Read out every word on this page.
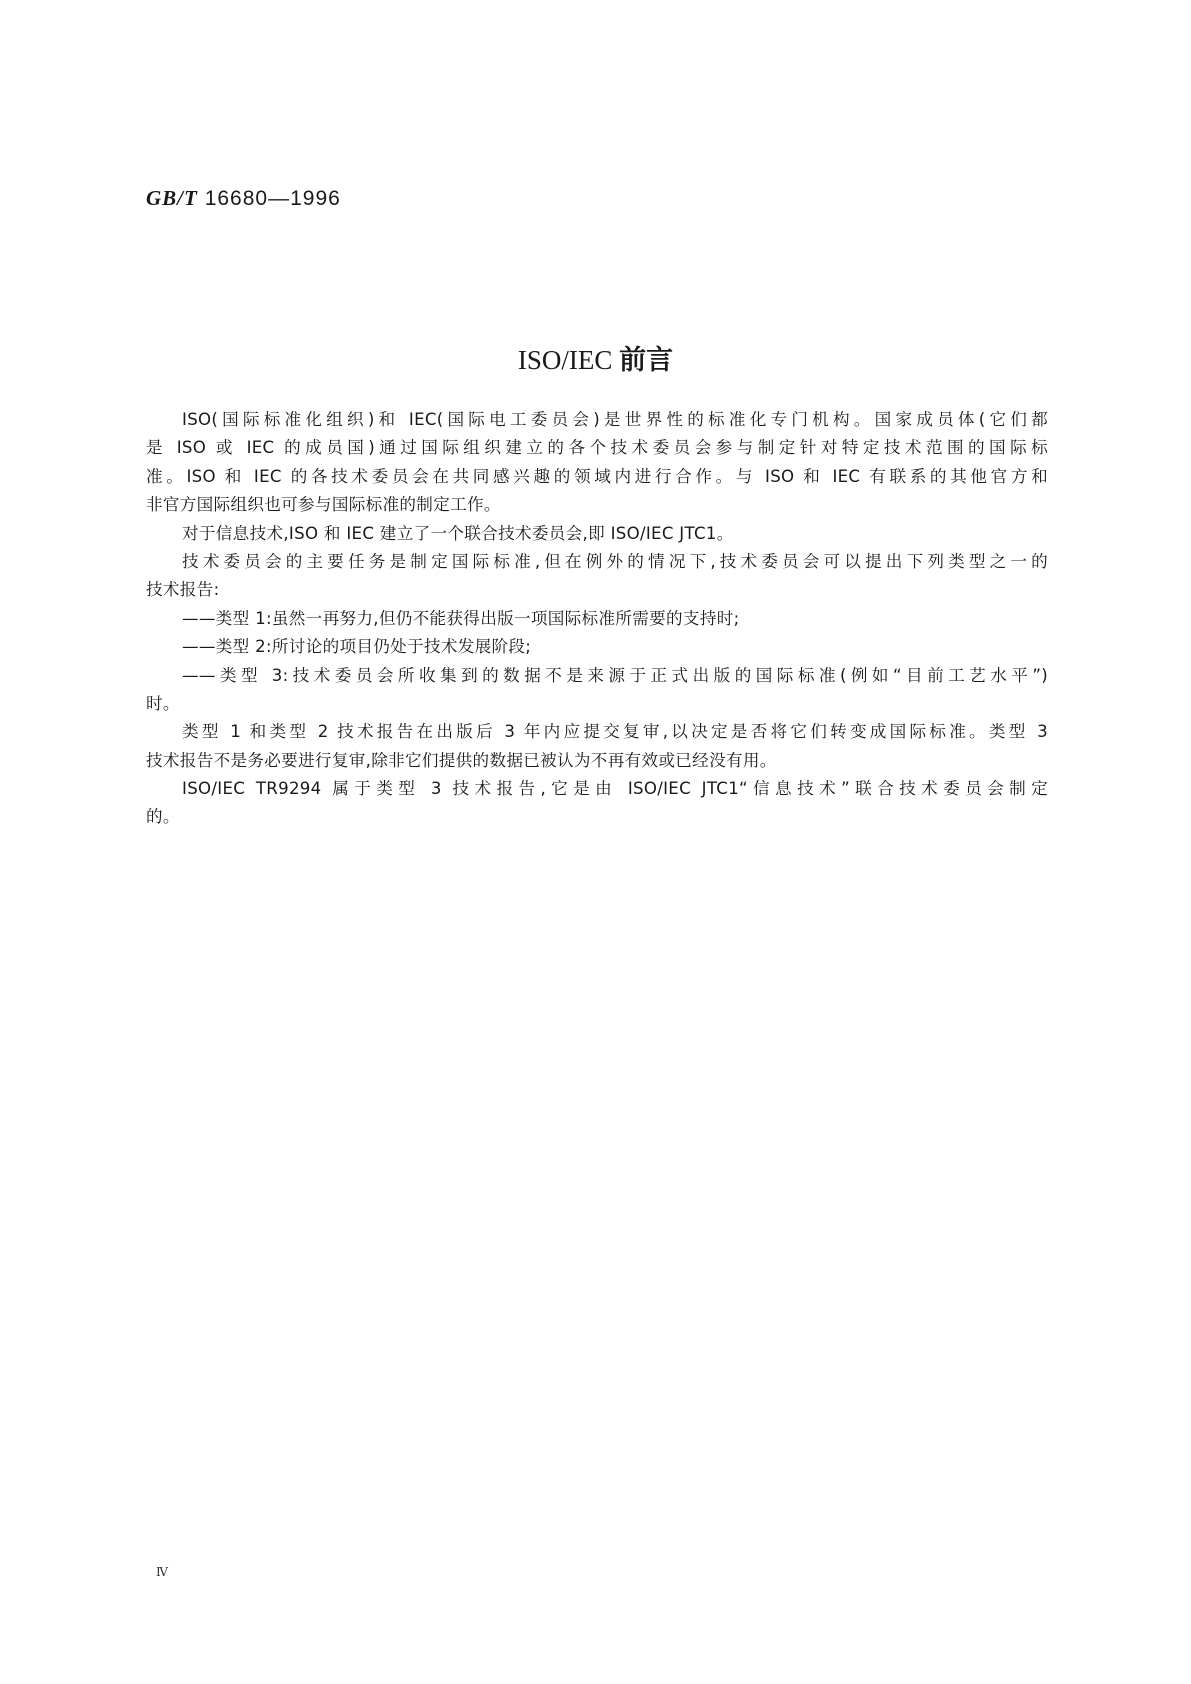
GB/T 16680—1996
ISO/IEC 前言
ISO(国际标准化组织)和 IEC(国际电工委员会)是世界性的标准化专门机构。国家成员体(它们都
是 ISO 或 IEC 的成员国)通过国际组织建立的各个技术委员会参与制定针对特定技术范围的国际标
准。ISO 和 IEC 的各技术委员会在共同感兴趣的领域内进行合作。与 ISO 和 IEC 有联系的其他官方和
非官方国际组织也可参与国际标准的制定工作。
对于信息技术,ISO 和 IEC 建立了一个联合技术委员会,即 ISO/IEC JTC1。
技术委员会的主要任务是制定国际标准,但在例外的情况下,技术委员会可以提出下列类型之一的
技术报告:
——类型 1:虽然一再努力,但仍不能获得出版一项国际标准所需要的支持时;
——类型 2:所讨论的项目仍处于技术发展阶段;
——类型 3:技术委员会所收集到的数据不是来源于正式出版的国际标准(例如“目前工艺水平”)
时。
类型 1 和类型 2 技术报告在出版后 3 年内应提交复审,以决定是否将它们转变成国际标准。类型 3
技术报告不是务必要进行复审,除非它们提供的数据已被认为不再有效或已经没有用。
ISO/IEC TR9294 属于类型 3 技术报告,它是由 ISO/IEC JTC1“信息技术”联合技术委员会制定
的。
Ⅳ
